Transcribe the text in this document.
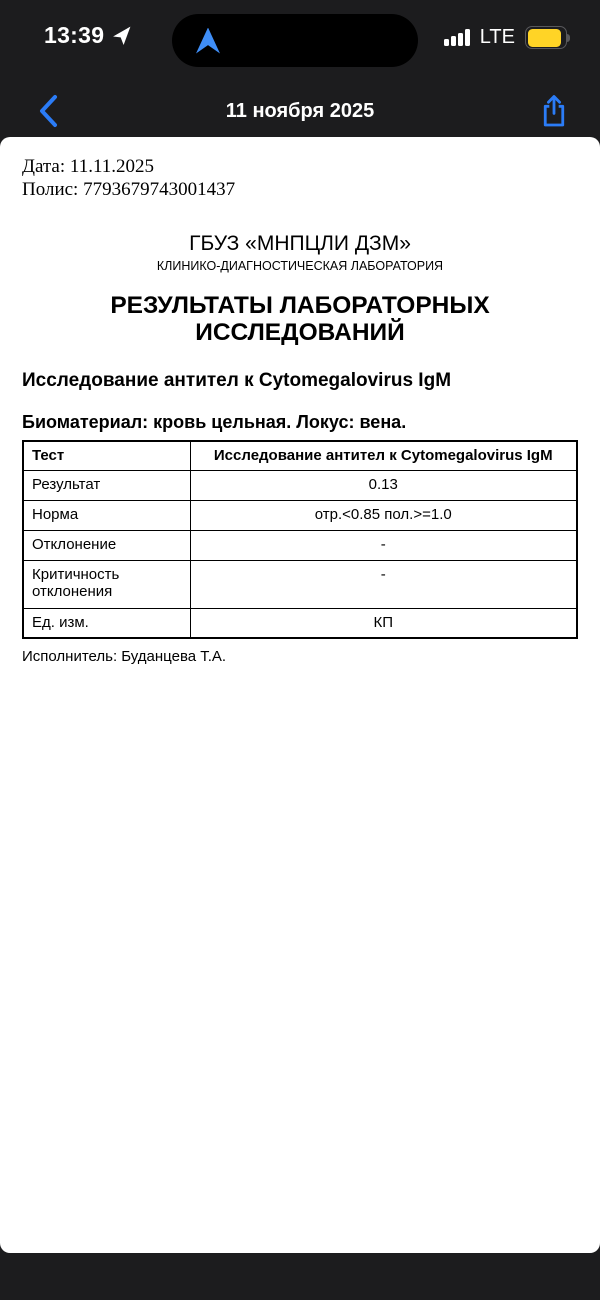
13:39	LTE
11 ноября 2025
Дата: 11.11.2025
Полис: 7793679743001437
ГБУЗ «МНПЦЛИ ДЗМ»
КЛИНИКО-ДИАГНОСТИЧЕСКАЯ ЛАБОРАТОРИЯ
РЕЗУЛЬТАТЫ ЛАБОРАТОРНЫХ ИССЛЕДОВАНИЙ
Исследование антител к Cytomegalovirus IgM
Биоматериал: кровь цельная. Локус: вена.
Тест	Исследование антител к Cytomegalovirus IgM
Результат	0.13
Норма	отр.<0.85 пол.>=1.0
Отклонение	-
Критичность отклонения	-
Ед. изм.	КП
Исполнитель: Буданцева Т.А.
